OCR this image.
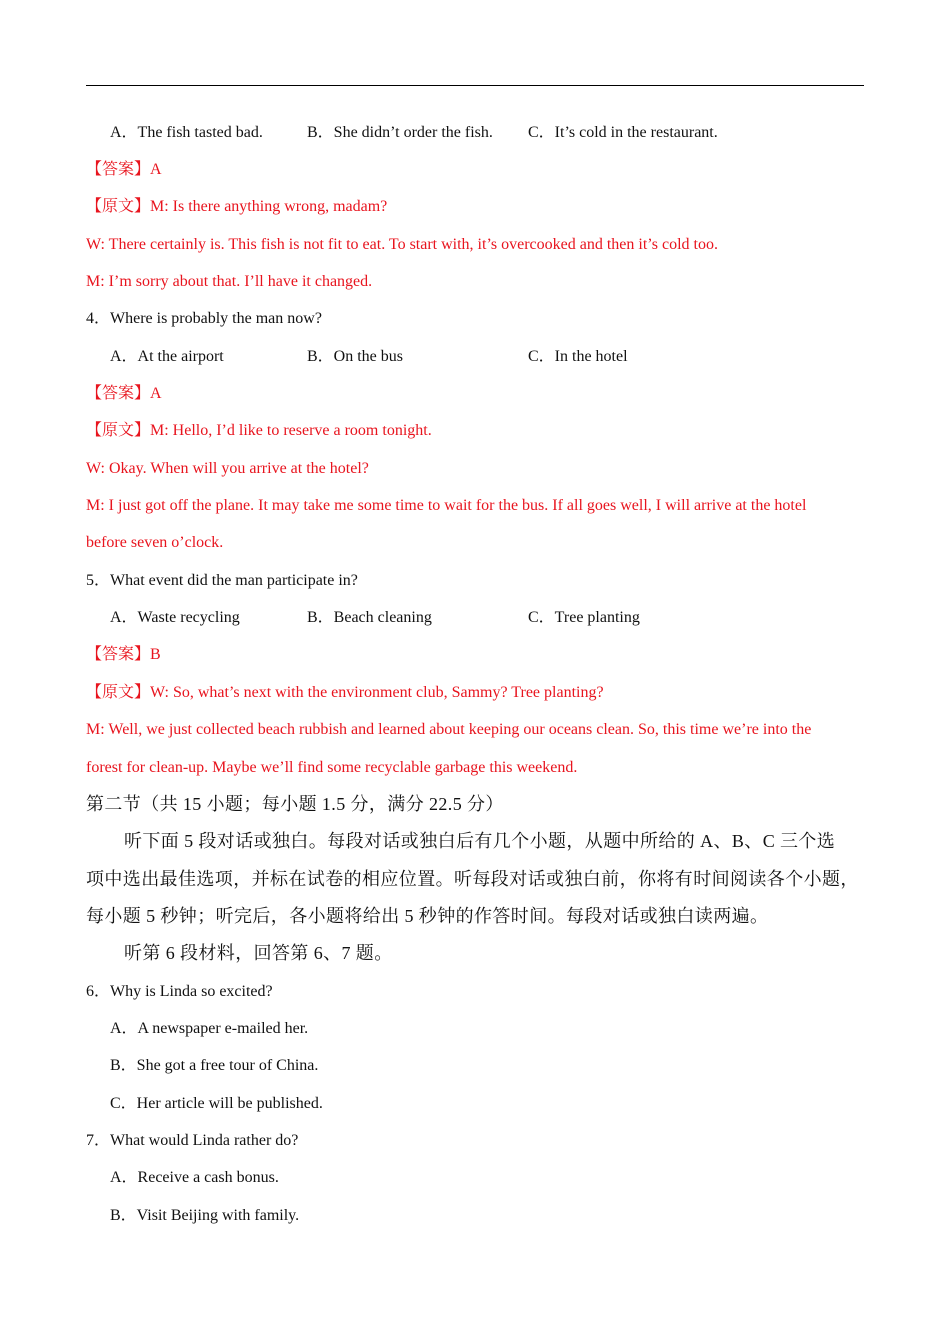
A．The fish tasted bad.	B．She didn’t order the fish. C．It’s cold in the restaurant.
【答案】A
【原文】M: Is there anything wrong, madam?
W: There certainly is. This fish is not fit to eat. To start with, it’s overcooked and then it’s cold too.
M: I’m sorry about that. I’ll have it changed.
4．Where is probably the man now?
A．At the airport	B．On the bus	C．In the hotel
【答案】A
【原文】M: Hello, I’d like to reserve a room tonight.
W: Okay. When will you arrive at the hotel?
M: I just got off the plane. It may take me some time to wait for the bus. If all goes well, I will arrive at the hotel
before seven o’clock.
5．What event did the man participate in?
A．Waste recycling	B．Beach cleaning	C．Tree planting
【答案】B
【原文】W: So, what’s next with the environment club, Sammy? Tree planting?
M: Well, we just collected beach rubbish and learned about keeping our oceans clean. So, this time we’re into the
forest for clean-up. Maybe we’ll find some recyclable garbage this weekend.
第二节（共 15 小题；每小题 1.5 分，满分 22.5 分）
听下面 5 段对话或独白。每段对话或独白后有几个小题，从题中所给的 A、B、C 三个选
项中选出最佳选项，并标在试卷的相应位置。听每段对话或独白前，你将有时间阅读各个小题，
每小题 5 秒钟；听完后，各小题将给出 5 秒钟的作答时间。每段对话或独白读两遍。
听第 6 段材料，回答第 6、7 题。
6．Why is Linda so excited?
A．A newspaper e-mailed her.
B．She got a free tour of China.
C．Her article will be published.
7．What would Linda rather do?
A．Receive a cash bonus.
B．Visit Beijing with family.
